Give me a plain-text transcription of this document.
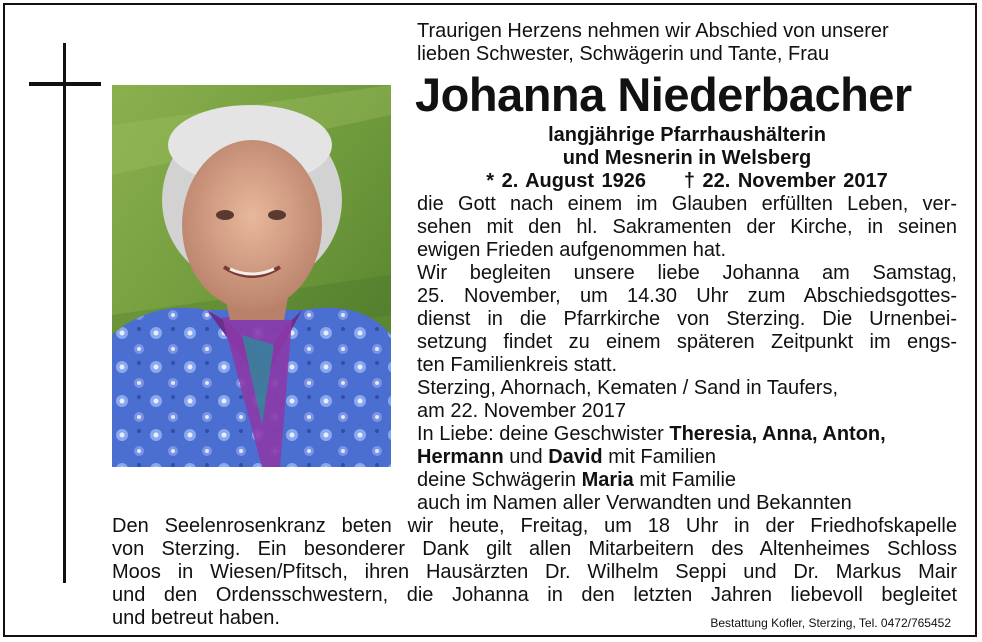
Traurigen Herzens nehmen wir Abschied von unserer
lieben Schwester, Schwägerin und Tante, Frau
Johanna Niederbacher
langjährige Pfarrhaushälterin
und Mesnerin in Welsberg
* 2. August 1926 † 22. November 2017
die Gott nach einem im Glauben erfüllten Leben, ver-
sehen mit den hl. Sakramenten der Kirche, in seinen
ewigen Frieden aufgenommen hat.
Wir begleiten unsere liebe Johanna am Samstag,
25. November, um 14.30 Uhr zum Abschiedsgottes-
dienst in die Pfarrkirche von Sterzing. Die Urnenbei-
setzung findet zu einem späteren Zeitpunkt im engs-
ten Familienkreis statt.
Sterzing, Ahornach, Kematen / Sand in Taufers,
am 22. November 2017
In Liebe: deine Geschwister Theresia, Anna, Anton,
Hermann und David mit Familien
deine Schwägerin Maria mit Familie
auch im Namen aller Verwandten und Bekannten
Den Seelenrosenkranz beten wir heute, Freitag, um 18 Uhr in der Friedhofskapelle
von Sterzing. Ein besonderer Dank gilt allen Mitarbeitern des Altenheimes Schloss
Moos in Wiesen/Pfitsch, ihren Hausärzten Dr. Wilhelm Seppi und Dr. Markus Mair
und den Ordensschwestern, die Johanna in den letzten Jahren liebevoll begleitet
und betreut haben.	Bestattung Kofler, Sterzing, Tel. 0472/765452
